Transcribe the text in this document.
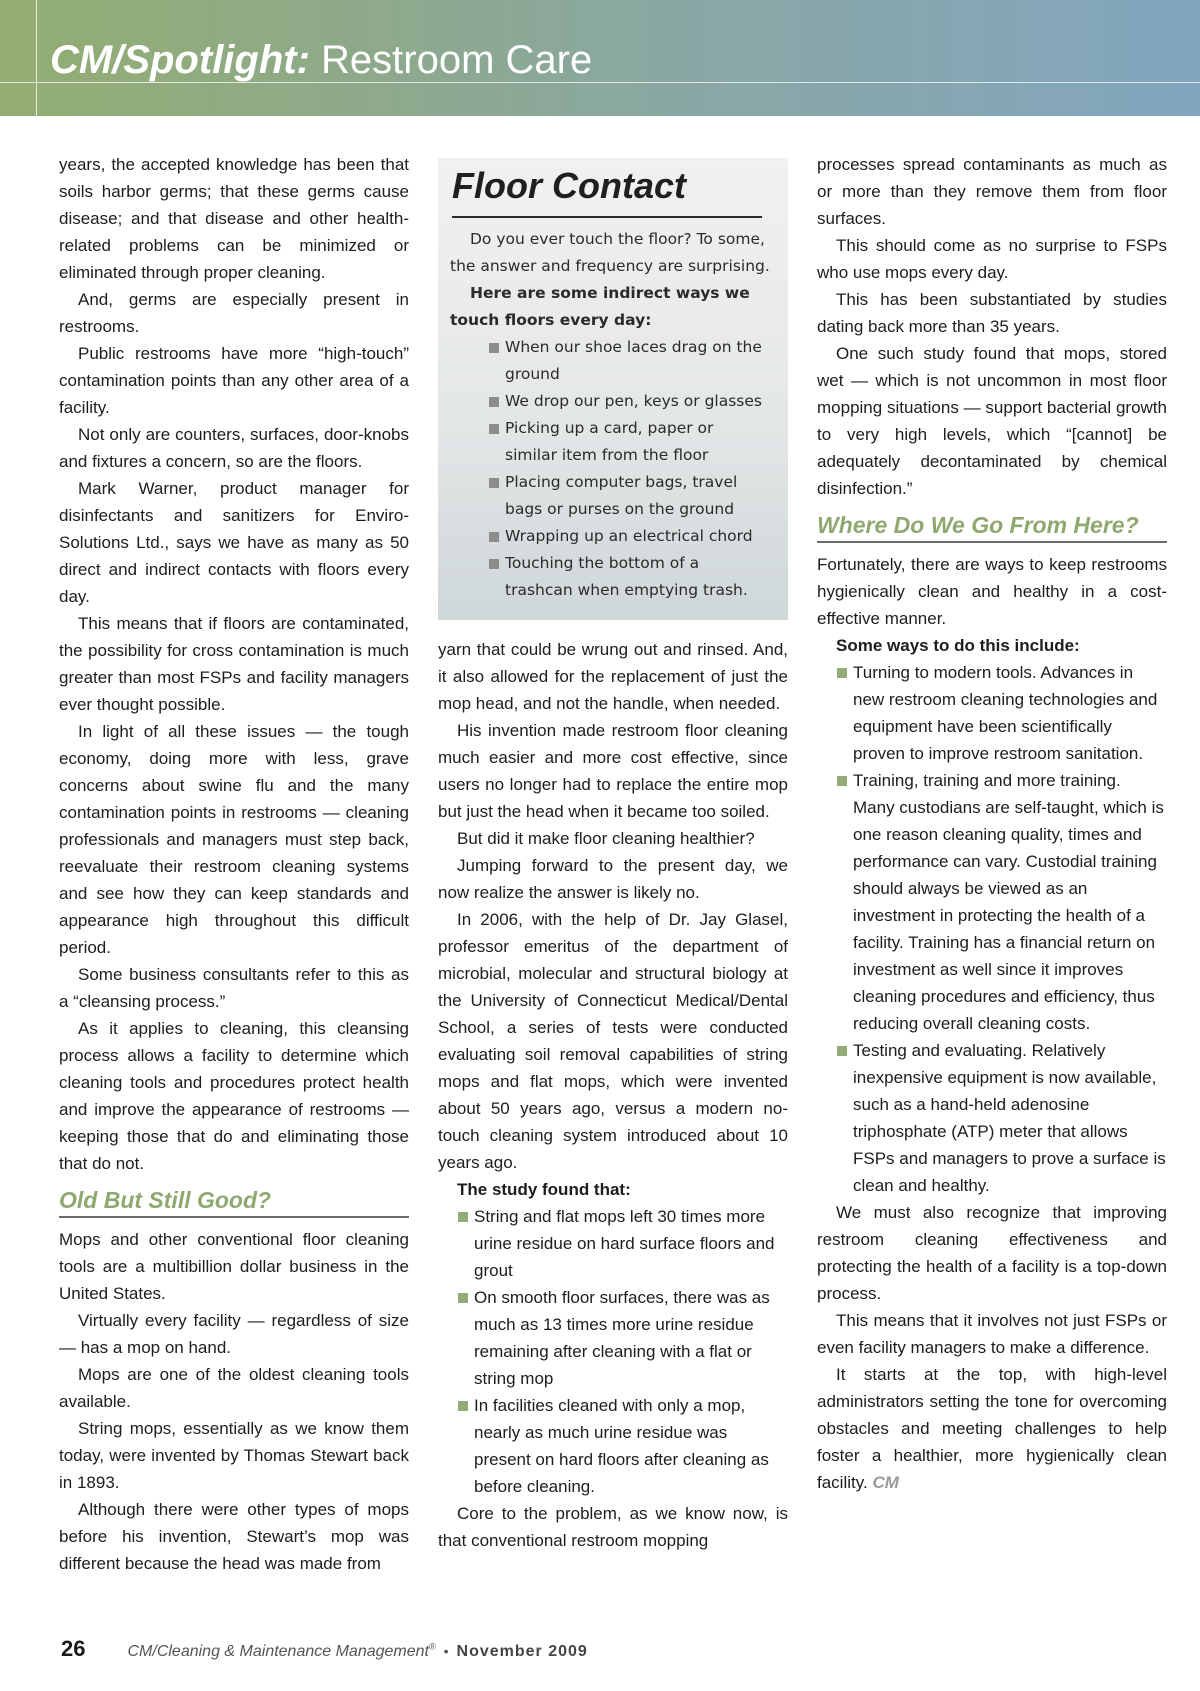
CM/Spotlight: Restroom Care

years, the accepted knowledge has been that soils harbor germs; that these germs cause disease; and that disease and other health-related problems can be minimized or eliminated through proper cleaning.

And, germs are especially present in restrooms.

Public restrooms have more “high-touch” contamination points than any other area of a facility.

Not only are counters, surfaces, door-knobs and fixtures a concern, so are the floors.

Mark Warner, product manager for disinfectants and sanitizers for Enviro-Solutions Ltd., says we have as many as 50 direct and indirect contacts with floors every day.

This means that if floors are contaminated, the possibility for cross contamination is much greater than most FSPs and facility managers ever thought possible.

In light of all these issues — the tough economy, doing more with less, grave concerns about swine flu and the many contamination points in restrooms — cleaning professionals and managers must step back, reevaluate their restroom cleaning systems and see how they can keep standards and appearance high throughout this difficult period.

Some business consultants refer to this as a “cleansing process.”

As it applies to cleaning, this cleansing process allows a facility to determine which cleaning tools and procedures protect health and improve the appearance of restrooms — keeping those that do and eliminating those that do not.

Old But Still Good?

Mops and other conventional floor cleaning tools are a multibillion dollar business in the United States.

Virtually every facility — regardless of size — has a mop on hand.

Mops are one of the oldest cleaning tools available.

String mops, essentially as we know them today, were invented by Thomas Stewart back in 1893.

Although there were other types of mops before his invention, Stewart’s mop was different because the head was made from

Floor Contact

Do you ever touch the floor? To some, the answer and frequency are surprising.

Here are some indirect ways we touch floors every day:

When our shoe laces drag on the ground
We drop our pen, keys or glasses
Picking up a card, paper or similar item from the floor
Placing computer bags, travel bags or purses on the ground
Wrapping up an electrical chord
Touching the bottom of a trashcan when emptying trash.

yarn that could be wrung out and rinsed. And, it also allowed for the replacement of just the mop head, and not the handle, when needed.

His invention made restroom floor cleaning much easier and more cost effective, since users no longer had to replace the entire mop but just the head when it became too soiled.

But did it make floor cleaning healthier?

Jumping forward to the present day, we now realize the answer is likely no.

In 2006, with the help of Dr. Jay Glasel, professor emeritus of the department of microbial, molecular and structural biology at the University of Connecticut Medical/Dental School, a series of tests were conducted evaluating soil removal capabilities of string mops and flat mops, which were invented about 50 years ago, versus a modern no-touch cleaning system introduced about 10 years ago.

The study found that:

String and flat mops left 30 times more urine residue on hard surface floors and grout
On smooth floor surfaces, there was as much as 13 times more urine residue remaining after cleaning with a flat or string mop
In facilities cleaned with only a mop, nearly as much urine residue was present on hard floors after cleaning as before cleaning.

Core to the problem, as we know now, is that conventional restroom mopping

processes spread contaminants as much as or more than they remove them from floor surfaces.

This should come as no surprise to FSPs who use mops every day.

This has been substantiated by studies dating back more than 35 years.

One such study found that mops, stored wet — which is not uncommon in most floor mopping situations — support bacterial growth to very high levels, which “[cannot] be adequately decontaminated by chemical disinfection.”

Where Do We Go From Here?

Fortunately, there are ways to keep restrooms hygienically clean and healthy in a cost-effective manner.

Some ways to do this include:

Turning to modern tools. Advances in new restroom cleaning technologies and equipment have been scientifically proven to improve restroom sanitation.
Training, training and more training. Many custodians are self-taught, which is one reason cleaning quality, times and performance can vary. Custodial training should always be viewed as an investment in protecting the health of a facility. Training has a financial return on investment as well since it improves cleaning procedures and efficiency, thus reducing overall cleaning costs.
Testing and evaluating. Relatively inexpensive equipment is now available, such as a hand-held adenosine triphosphate (ATP) meter that allows FSPs and managers to prove a surface is clean and healthy.

We must also recognize that improving restroom cleaning effectiveness and protecting the health of a facility is a top-down process.

This means that it involves not just FSPs or even facility managers to make a difference.

It starts at the top, with high-level administrators setting the tone for overcoming obstacles and meeting challenges to help foster a healthier, more hygienically clean facility. CM

26	CM/Cleaning & Maintenance Management® • November 2009
